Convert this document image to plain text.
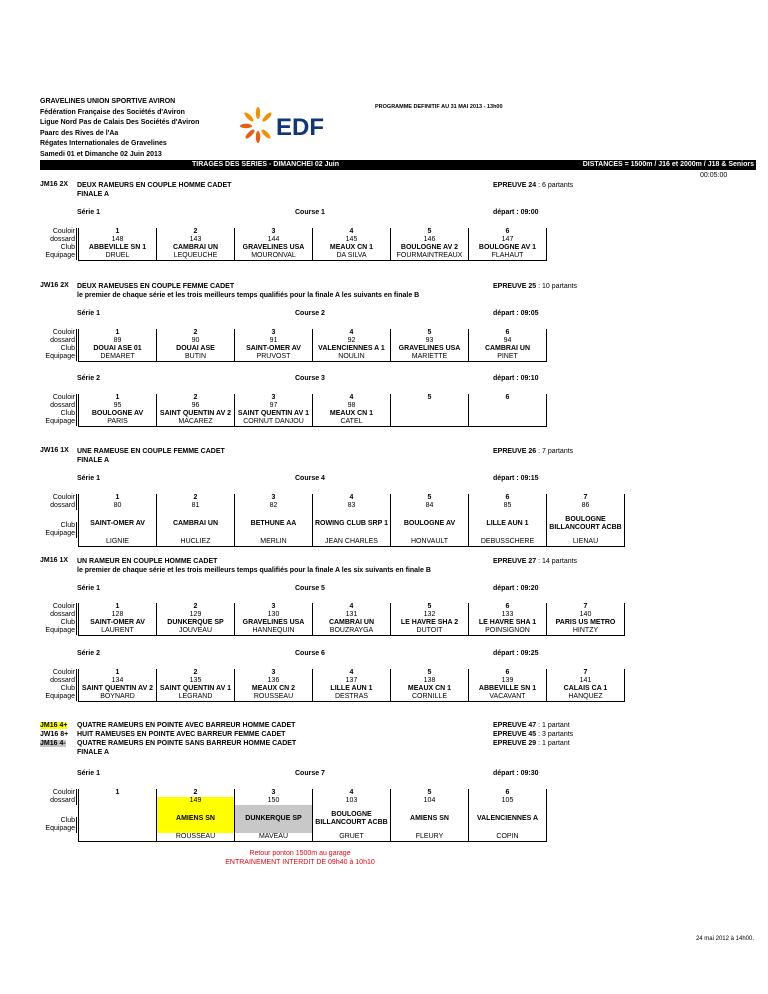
GRAVELINES UNION SPORTIVE AVIRON
Fédération Française des Sociétés d'Aviron
Ligue Nord Pas de Calais Des Sociétés d'Aviron
Paarc des Rives de l'Aa
Régates Internationales de Gravelines
Samedi 01 et Dimanche 02 Juin 2013
PROGRAMME DEFINITIF AU 31 MAI 2013 - 13h00
EDF
TIRAGES DES SERIES - DIMANCHEI 02 Juin	DISTANCES = 1500m / J16 et 2000m / J18 & Seniors
00:05:00
JM16 2X DEUX RAMEURS EN COUPLE HOMME CADET
FINALE A
EPREUVE 24 : 6 partants
Série 1	Course 1	départ : 09:00
Couloir
dossard
Club
Equipage
1	2	3	4	5	6
148	143	144	145	146	147
ABBEVILLE SN 1	CAMBRAI UN	GRAVELINES USA	MEAUX CN 1	BOULOGNE AV 2	BOULOGNE AV 1
DRUEL	LEQUEUCHE	MOURONVAL	DA SILVA	FOURMAINTREAUX	FLAHAUT
JW16 2X DEUX RAMEUSES EN COUPLE FEMME CADET
le premier de chaque série et les trois meilleurs temps qualifiés pour la finale A les suivants en finale B
EPREUVE 25 : 10 partants
Série 1	Course 2	départ : 09:05
Couloir
dossard
Club
Equipage
1	2	3	4	5	6
89	90	91	92	93	94
DOUAI ASE 01	DOUAI ASE	SAINT-OMER AV	VALENCIENNES A 1	GRAVELINES USA	CAMBRAI UN
DEMARET	BUTIN	PRUVOST	NOULIN	MARIETTE	PINET
Série 2	Course 3	départ : 09:10
Couloir
dossard
Club
Equipage
1	2	3	4	5	6
95	96	97	98		
BOULOGNE AV	SAINT QUENTIN AV 2	SAINT QUENTIN AV 1	MEAUX CN 1		
PARIS	MACAREZ	CORNUT DANJOU	CATEL		
JW16 1X UNE RAMEUSE EN COUPLE FEMME CADET
FINALE A
EPREUVE 26 : 7 partants
Série 1	Course 4	départ : 09:15
Couloir
dossard
Club
Equipage
1	2	3	4	5	6	7
80	81	82	83	84	85	86
SAINT-OMER AV	CAMBRAI UN	BETHUNE AA	ROWING CLUB SRP 1	BOULOGNE AV	LILLE AUN 1	BOULOGNE BILLANCOURT ACBB
LIGNIE	HUCLIEZ	MERLIN	JEAN CHARLES	HONVAULT	DEBUSSCHERE	LIENAU
JM16 1X UN RAMEUR EN COUPLE HOMME CADET
le premier de chaque série et les trois meilleurs temps qualifiés pour la finale A les six suivants en finale B
EPREUVE 27 : 14 partants
Série 1	Course 5	départ : 09:20
Couloir
dossard
Club
Equipage
1	2	3	4	5	6	7
128	129	130	131	132	133	140
SAINT-OMER AV	DUNKERQUE SP	GRAVELINES USA	CAMBRAI UN	LE HAVRE SHA 2	LE HAVRE SHA 1	PARIS US METRO
LAURENT	JOUVEAU	HANNEQUIN	BOUZRAYGA	DUTOIT	POINSIGNON	HINTZY
Série 2	Course 6	départ : 09:25
Couloir
dossard
Club
Equipage
1	2	3	4	5	6	7
134	135	136	137	138	139	141
SAINT QUENTIN AV 2	SAINT QUENTIN AV 1	MEAUX CN 2	LILLE AUN 1	MEAUX CN 1	ABBEVILLE SN 1	CALAIS CA 1
BOYNARD	LEGRAND	ROUSSEAU	DESTRAS	CORNILLE	VACAVANT	HANQUEZ
JM16 4+
JW16 8+
JM16 4-
QUATRE RAMEURS EN POINTE AVEC BARREUR HOMME CADET
HUIT RAMEUSES EN POINTE AVEC BARREUR FEMME CADET
QUATRE RAMEURS EN POINTE SANS BARREUR HOMME CADET
FINALE A
EPREUVE 47 : 1 partant
EPREUVE 45 : 3 partants
EPREUVE 29 : 1 partant
Série 1	Course 7	départ : 09:30
Couloir
dossard
Club
Equipage
1	2	3	4	5	6
	149	150	103	104	105
	AMIENS SN	DUNKERQUE SP	BOULOGNE BILLANCOURT ACBB	AMIENS SN	VALENCIENNES A
	ROUSSEAU	MAVEAU	GRUET	FLEURY	COPIN
Retour ponton 1500m au garage
ENTRAINEMENT INTERDIT DE 09h40 à 10h10
24 mai 2012 à 14h00.
